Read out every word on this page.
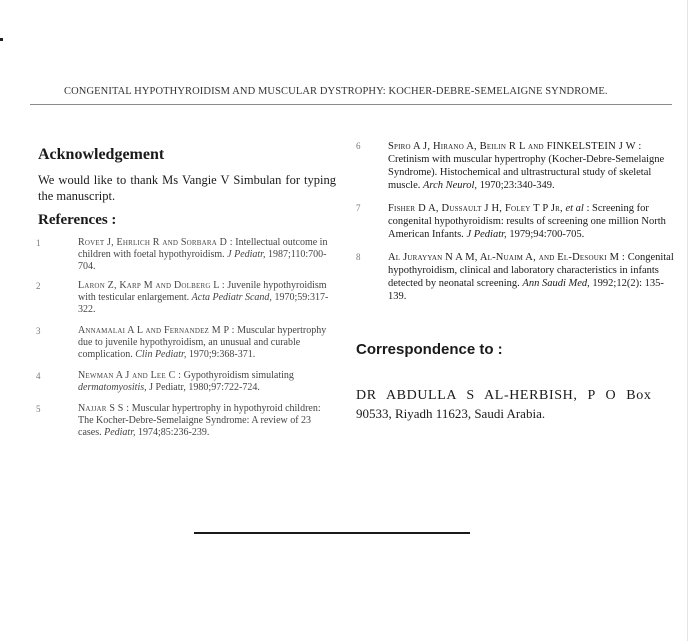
CONGENITAL HYPOTHYROIDISM AND MUSCULAR DYSTROPHY: KOCHER-DEBRE-SEMELAIGNE SYNDROME.
Acknowledgement

We would like to thank Ms Vangie V Simbulan for typing the manuscript.

References :
1	Rovet J, Ehrlich R and Sorbara D : Intellectual outcome in children with foetal hypothyroidism. J Pediatr, 1987;110:700-704.
2	Laron Z, Karp M and Dolberg L : Juvenile hypothyroidism with testicular enlargement. Acta Pediatr Scand, 1970;59:317-322.
3	Annamalai A L and Fernandez M P : Muscular hypertrophy due to juvenile hypothyroidism, an unusual and curable complication. Clin Pediatr, 1970;9:368-371.
4	Newman A J and Lee C : Gypothyroidism simulating dermatomyositis, J Pediatr, 1980;97:722-724.
5	Najjar S S : Muscular hypertrophy in hypothyroid children: The Kocher-Debre-Semelaigne Syndrome: A review of 23 cases. Pediatr, 1974;85:236-239.
6	Spiro A J, Hirano A, Beilin R L and FINKELSTEIN J W : Cretinism with muscular hypertrophy (Kocher-Debre-Semelaigne Syndrome). Histochemical and ultrastructural study of skeletal muscle. Arch Neurol, 1970;23:340-349.
7	Fisher D A, Dussault J H, Foley T P Jr, et al : Screening for congenital hypothyroidism: results of screening one million North American Infants. J Pediatr, 1979;94:700-705.
8	Al Jurayyan N A M, Al-Nuaim A, and El-Desouki M : Congenital hypothyroidism, clinical and laboratory characteristics in infants detected by neonatal screening. Ann Saudi Med, 1992;12(2): 135-139.
Correspondence to :

DR ABDULLA S AL-HERBISH, P O Box

90533, Riyadh 11623, Saudi Arabia.
